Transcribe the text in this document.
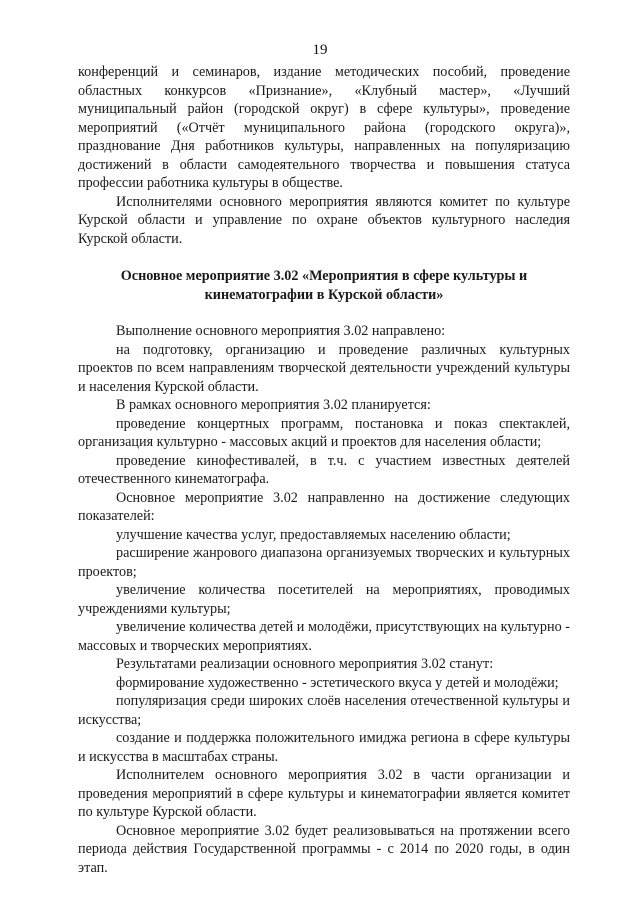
19

конференций и семинаров, издание методических пособий, проведение областных конкурсов «Признание», «Клубный мастер», «Лучший муниципальный район (городской округ) в сфере культуры», проведение мероприятий («Отчёт муниципального района (городского округа)», празднование Дня работников культуры, направленных на популяризацию достижений в области самодеятельного творчества и повышения статуса профессии работника культуры в обществе.

Исполнителями основного мероприятия являются комитет по культуре Курской области и управление по охране объектов культурного наследия Курской области.

Основное мероприятие 3.02 «Мероприятия в сфере культуры и кинематографии в Курской области»

Выполнение основного мероприятия 3.02 направлено:

на подготовку, организацию и проведение различных культурных проектов по всем направлениям творческой деятельности учреждений культуры и населения Курской области.

В рамках основного мероприятия 3.02 планируется:

проведение концертных программ, постановка и показ спектаклей, организация культурно - массовых акций и проектов для населения области;

проведение кинофестивалей, в т.ч. с участием известных деятелей отечественного кинематографа.

Основное мероприятие 3.02 направленно на достижение следующих показателей:

улучшение качества услуг, предоставляемых населению области;

расширение жанрового диапазона организуемых творческих и культурных проектов;

увеличение количества посетителей на мероприятиях, проводимых учреждениями культуры;

увеличение количества детей и молодёжи, присутствующих на культурно - массовых и творческих мероприятиях.

Результатами реализации основного мероприятия 3.02 станут:

формирование художественно - эстетического вкуса у детей и молодёжи;

популяризация среди широких слоёв населения отечественной культуры и искусства;

создание и поддержка положительного имиджа региона в сфере культуры и искусства в масштабах страны.

Исполнителем основного мероприятия 3.02 в части организации и проведения мероприятий в сфере культуры и кинематографии является комитет по культуре Курской области.

Основное мероприятие 3.02 будет реализовываться на протяжении всего периода действия Государственной программы - с 2014 по 2020 годы, в один этап.
